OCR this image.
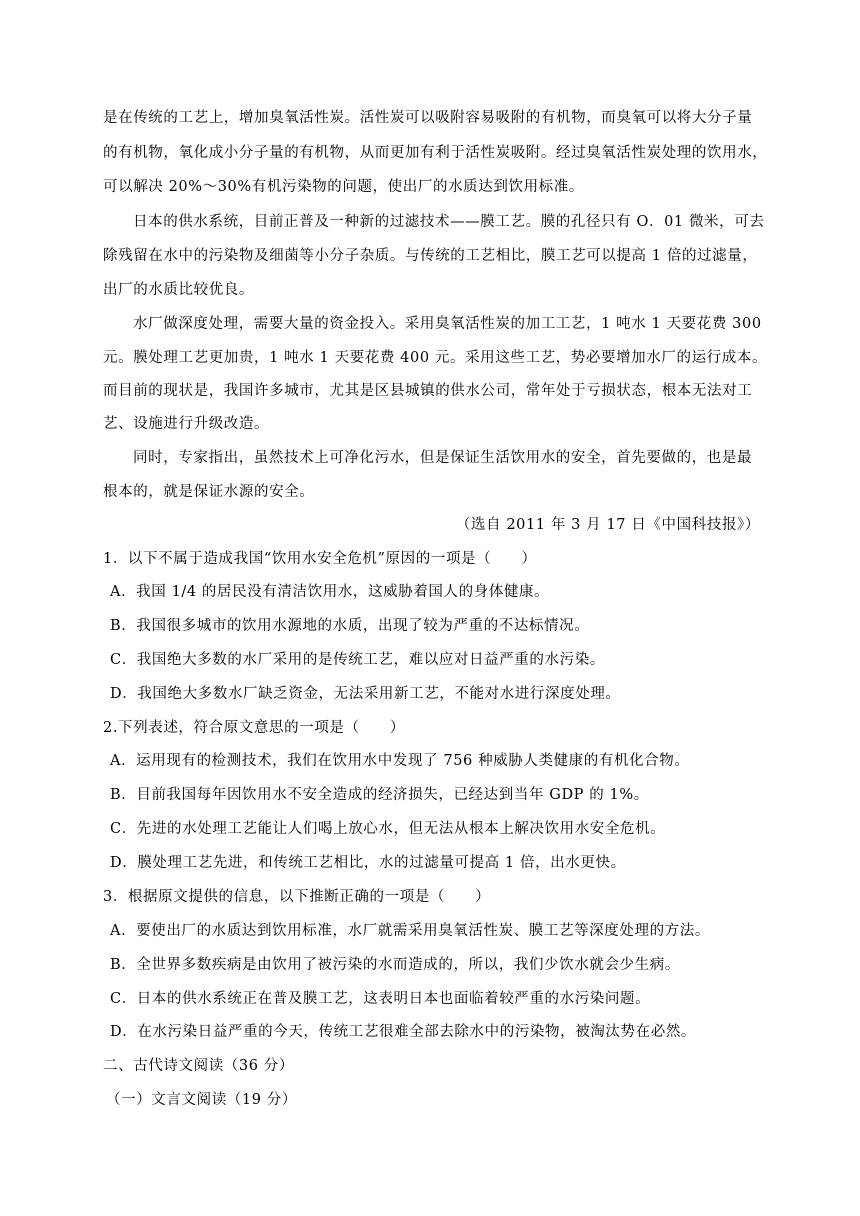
是在传统的工艺上，增加臭氧活性炭。活性炭可以吸附容易吸附的有机物，而臭氧可以将大分子量
的有机物，氧化成小分子量的有机物，从而更加有利于活性炭吸附。经过臭氧活性炭处理的饮用水，
可以解决 20%～30%有机污染物的问题，使出厂的水质达到饮用标准。
日本的供水系统，目前正普及一种新的过滤技术——膜工艺。膜的孔径只有 O．01 微米，可去
除残留在水中的污染物及细菌等小分子杂质。与传统的工艺相比，膜工艺可以提高 1 倍的过滤量，
出厂的水质比较优良。
水厂做深度处理，需要大量的资金投入。采用臭氧活性炭的加工工艺，1 吨水 1 天要花费 300
元。膜处理工艺更加贵，1 吨水 1 天要花费 400 元。采用这些工艺，势必要增加水厂的运行成本。
而目前的现状是，我国许多城市，尤其是区县城镇的供水公司，常年处于亏损状态，根本无法对工
艺、设施进行升级改造。
同时，专家指出，虽然技术上可净化污水，但是保证生活饮用水的安全，首先要做的，也是最
根本的，就是保证水源的安全。
（选自 2011 年 3 月 17 日《中国科技报》）
1．以下不属于造成我国“饮用水安全危机”原因的一项是（　　）
A．我国 1/4 的居民没有清洁饮用水，这威胁着国人的身体健康。
B．我国很多城市的饮用水源地的水质，出现了较为严重的不达标情况。
C．我国绝大多数的水厂采用的是传统工艺，难以应对日益严重的水污染。
D．我国绝大多数水厂缺乏资金，无法采用新工艺，不能对水进行深度处理。
2.下列表述，符合原文意思的一项是（　　）
A．运用现有的检测技术，我们在饮用水中发现了 756 种威胁人类健康的有机化合物。
B．目前我国每年因饮用水不安全造成的经济损失，已经达到当年 GDP 的 1%。
C．先进的水处理工艺能让人们喝上放心水，但无法从根本上解决饮用水安全危机。
D．膜处理工艺先进，和传统工艺相比，水的过滤量可提高 1 倍，出水更快。
3．根据原文提供的信息，以下推断正确的一项是（　　）
A．要使出厂的水质达到饮用标准，水厂就需采用臭氧活性炭、膜工艺等深度处理的方法。
B．全世界多数疾病是由饮用了被污染的水而造成的，所以，我们少饮水就会少生病。
C．日本的供水系统正在普及膜工艺，这表明日本也面临着较严重的水污染问题。
D．在水污染日益严重的今天，传统工艺很难全部去除水中的污染物，被淘汰势在必然。
二、古代诗文阅读（36 分）
（一）文言文阅读（19 分）
